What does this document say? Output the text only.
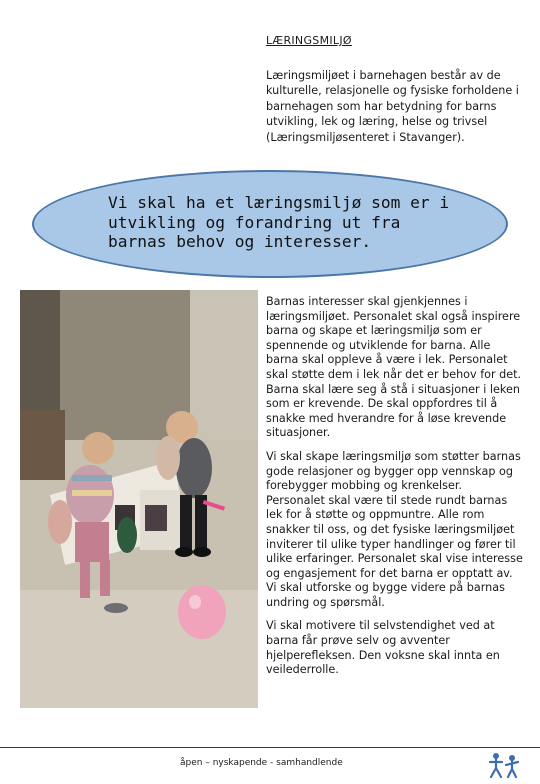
LÆRINGSMILJØ

Læringsmiljøet i barnehagen består av de kulturelle, relasjonelle og fysiske forholdene i barnehagen som har betydning for barns utvikling, lek og læring, helse og trivsel (Læringsmiljøsenteret i Stavanger).

Vi skal ha et læringsmiljø som er i utvikling og forandring ut fra barnas behov og interesser.

Barnas interesser skal gjenkjennes i læringsmiljøet. Personalet skal også inspirere barna og skape et læringsmiljø som er spennende og utviklende for barna. Alle barna skal oppleve å være i lek. Personalet skal støtte dem i lek når det er behov for det. Barna skal lære seg å stå i situasjoner i leken som er krevende. De skal oppfordres til å snakke med hverandre for å løse krevende situasjoner.

Vi skal skape læringsmiljø som støtter barnas gode relasjoner og bygger opp vennskap og forebygger mobbing og krenkelser. Personalet skal være til stede rundt barnas lek for å støtte og oppmuntre. Alle rom snakker til oss, og det fysiske læringsmiljøet inviterer til ulike typer handlinger og fører til ulike erfaringer. Personalet skal vise interesse og engasjement for det barna er opptatt av. Vi skal utforske og bygge videre på barnas undring og spørsmål.

Vi skal motivere til selvstendighet ved at barna får prøve selv og avventer hjelperefleksen. Den voksne skal innta en veilederrolle.

åpen – nyskapende - samhandlende
